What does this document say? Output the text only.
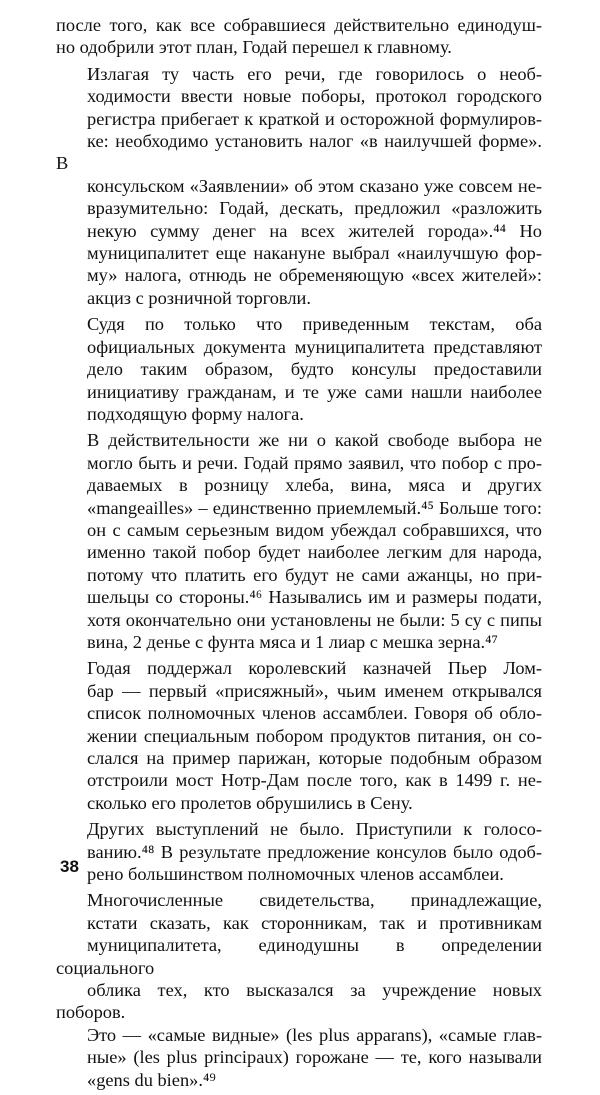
после того, как все собравшиеся действительно единодуш-
но одобрили этот план, Годай перешел к главному.

Излагая ту часть его речи, где говорилось о необ-
ходимости ввести новые поборы, протокол городского
регистра прибегает к краткой и осторожной формулиров-
ке: необходимо установить налог «в наилучшей форме». В
консульском «Заявлении» об этом сказано уже совсем не-
вразумительно: Годай, дескать, предложил «разложить
некую сумму денег на всех жителей города».⁴⁴ Но
муниципалитет еще накануне выбрал «наилучшую фор-
му» налога, отнюдь не обременяющую «всех жителей»:
акциз с розничной торговли.

Судя по только что приведенным текстам, оба
официальных документа муниципалитета представляют
дело таким образом, будто консулы предоставили
инициативу гражданам, и те уже сами нашли наиболее
подходящую форму налога.

В действительности же ни о какой свободе выбора не
могло быть и речи. Годай прямо заявил, что побор с про-
даваемых в розницу хлеба, вина, мяса и других
«mangeailles» – единственно приемлемый.⁴⁵ Больше того:
он с самым серьезным видом убеждал собравшихся, что
именно такой побор будет наиболее легким для народа,
потому что платить его будут не сами ажанцы, но при-
шельцы со стороны.⁴⁶ Назывались им и размеры подати,
хотя окончательно они установлены не были: 5 су с пипы
вина, 2 денье с фунта мяса и 1 лиар с мешка зерна.⁴⁷

Годая поддержал королевский казначей Пьер Лом-
бар — первый «присяжный», чьим именем открывался
список полномочных членов ассамблеи. Говоря об обло-
жении специальным побором продуктов питания, он со-
слался на пример парижан, которые подобным образом
отстроили мост Нотр-Дам после того, как в 1499 г. не-
сколько его пролетов обрушились в Сену.

Других выступлений не было. Приступили к голосо-
ванию.⁴⁸ В результате предложение консулов было одоб-
рено большинством полномочных членов ассамблеи.

Многочисленные свидетельства, принадлежащие,
кстати сказать, как сторонникам, так и противникам
муниципалитета, единодушны в определении социального
облика тех, кто высказался за учреждение новых поборов.
Это — «самые видные» (les plus apparans), «самые глав-
ные» (les plus principaux) горожане — те, кого называли
«gens du bien».⁴⁹

38
